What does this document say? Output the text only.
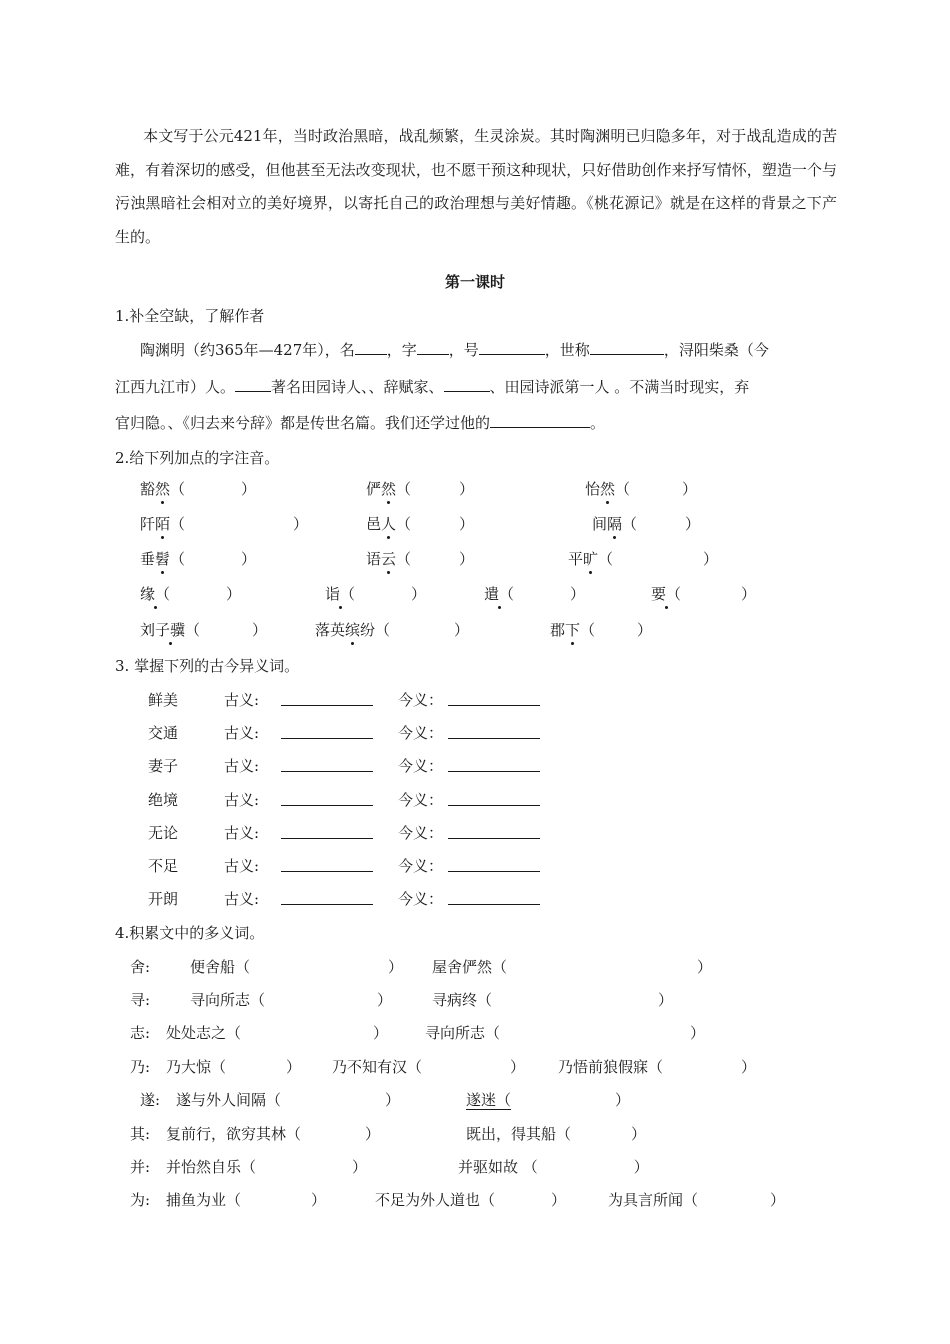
本文写于公元421年，当时政治黑暗，战乱频繁，生灵涂炭。其时陶渊明已归隐多年，对于战乱造成的苦难，有着深切的感受，但他甚至无法改变现状，也不愿干预这种现状，只好借助创作来抒写情怀，塑造一个与污浊黑暗社会相对立的美好境界，以寄托自己的政治理想与美好情趣。《桃花源记》就是在这样的背景之下产生的。
第一课时
1.补全空缺，了解作者
陶渊明（约365年—427年），名 ，字 ，号	，世称	，浔阳柴桑（今
江西九江市）人。 著名田园诗人、、辞赋家、	、田园诗派第一人 。不满当时现实，弃
官归隐。、《归去来兮辞》都是传世名篇。我们还学过他的	。
2.给下列加点的字注音。
豁然（	）	俨然（	）	怡然（	）
阡陌（	）	邑人（	）	间隔（	）
垂髫（	）	语云（	）	平旷（	）
缘（	）	诣（	）	遣（	）	要（	）
刘子骥（	）	落英缤纷（	）	郡下（	）
3. 掌握下列的古今异义词。
鲜美	古义:	今义：
交通	古义:	今义：
妻子	古义:	今义：
绝境	古义:	今义：
无论	古义:	今义：
不足	古义:	今义：
开朗	古义:	今义：
4.积累文中的多义词。
舍:	便舍船（	） 屋舍俨然（	）
寻:	寻向所志（	）	寻病终（	）
志: 处处志之（	） 寻向所志（	）
乃: 乃大惊（	） 乃不知有汉（	） 乃悟前狼假寐（	）
遂: 遂与外人间隔（	）	遂迷（	）
其: 复前行，欲穷其林（	）	既出，得其船（	）
并: 并怡然自乐（	）	并驱如故 （	）
为: 捕鱼为业（	）	不足为外人道也（	）	为具言所闻（	）
